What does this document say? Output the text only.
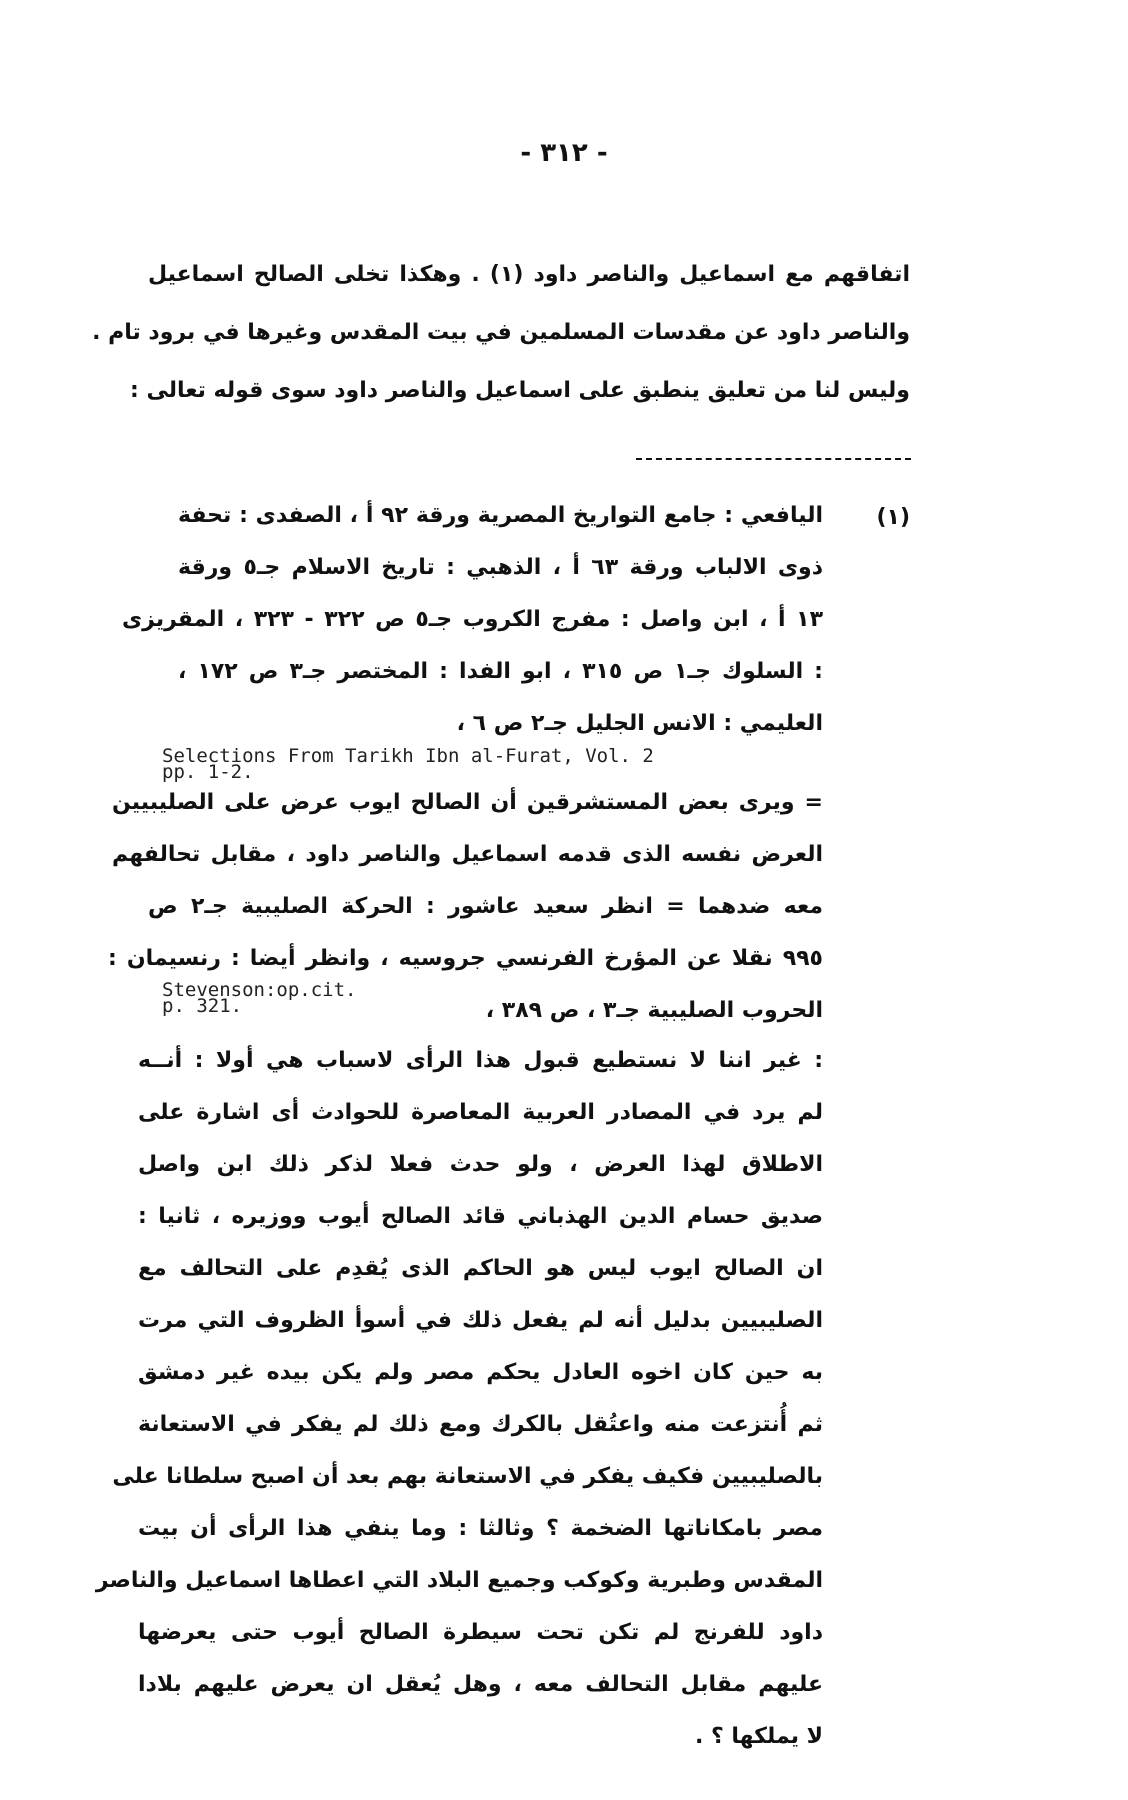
- ٣١٢ -
اتفاقهم مع اسماعيل والناصر داود (١) . وهكذا تخلى الصالح اسماعيل
والناصر داود عن مقدسات المسلمين في بيت المقدس وغيرها في برود تام .
وليس لنا من تعليق ينطبق على اسماعيل والناصر داود سوى قوله تعالى :
(١)
اليافعي : جامع التواريخ المصرية ورقة ٩٢ أ ، الصفدى : تحفة
ذوى الالباب ورقة ٦٣ أ ، الذهبي : تاريخ الاسلام جـ٥ ورقة
١٣ أ ، ابن واصل : مفرج الكروب جـ٥ ص ٣٢٢ - ٣٢٣ ، المقريزى
: السلوك جـ١ ص ٣١٥ ، ابو الفدا : المختصر جـ٣ ص ١٧٢ ،
العليمي : الانس الجليل جـ٢ ص ٦ ،
Selections From Tarikh Ibn al-Furat, Vol. 2
pp. 1-2.
= ويرى بعض المستشرقين أن الصالح ايوب عرض على الصليبيين
العرض نفسه الذى قدمه اسماعيل والناصر داود ، مقابل تحالفهم
معه ضدهما = انظر سعيد عاشور : الحركة الصليبية جـ٢ ص
٩٩٥ نقلا عن المؤرخ الفرنسي جروسيه ، وانظر أيضا : رنسيمان :
الحروب الصليبية جـ٣ ، ص ٣٨٩ ،
Stevenson:op.cit.
p. 321.
: غير اننا لا نستطيع قبول هذا الرأى لاسباب هي أولا : أنــه
لم يرد في المصادر العربية المعاصرة للحوادث أى اشارة على
الاطلاق لهذا العرض ، ولو حدث فعلا لذكر ذلك ابن واصل
صديق حسام الدين الهذباني قائد الصالح أيوب ووزيره ، ثانيا :
ان الصالح ايوب ليس هو الحاكم الذى يُقدِم على التحالف مع
الصليبيين بدليل أنه لم يفعل ذلك في أسوأ الظروف التي مرت
به حين كان اخوه العادل يحكم مصر ولم يكن بيده غير دمشق
ثم أُنتزعت منه واعتُقل بالكرك ومع ذلك لم يفكر في الاستعانة
بالصليبيين فكيف يفكر في الاستعانة بهم بعد أن اصبح سلطانا على
مصر بامكاناتها الضخمة ؟ وثالثا : وما ينفي هذا الرأى أن بيت
المقدس وطبرية وكوكب وجميع البلاد التي اعطاها اسماعيل والناصر
داود للفرنج لم تكن تحت سيطرة الصالح أيوب حتى يعرضها
عليهم مقابل التحالف معه ، وهل يُعقل ان يعرض عليهم بلادا
لا يملكها ؟ .
